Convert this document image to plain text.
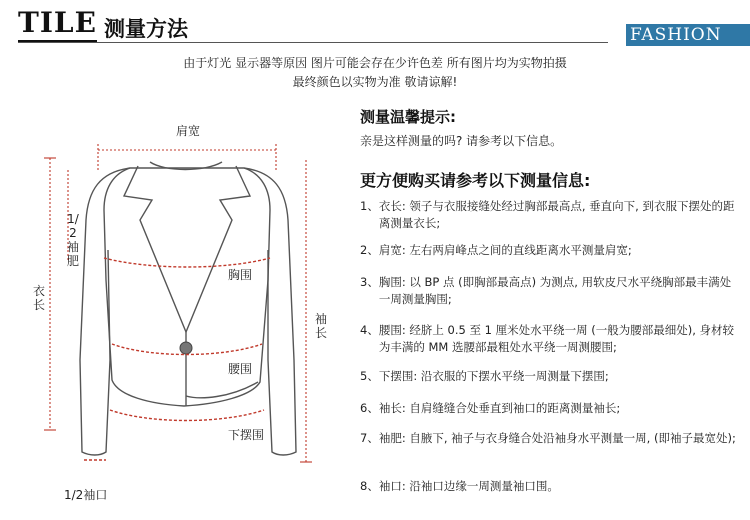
TILE 测量方法	FASHION
由于灯光 显示器等原因 图片可能会存在少许色差 所有图片均为实物拍摄
最终颜色以实物为准 敬请谅解!
肩宽
胸围
腰围
下摆围
1/2袖口
1/2袖肥
衣长
袖长
测量温馨提示:
亲是这样测量的吗? 请参考以下信息。
更方便购买请参考以下测量信息:
1、 衣长: 领子与衣服接缝处经过胸部最高点, 垂直向下, 到衣服下摆处的距离测量衣长;
2、 肩宽: 左右两肩峰点之间的直线距离水平测量肩宽;
3、 胸围: 以 BP 点 (即胸部最高点) 为测点, 用软皮尺水平绕胸部最丰满处一周测量胸围;
4、 腰围: 经脐上 0.5 至 1 厘米处水平绕一周 (一般为腰部最细处), 身材较为丰满的 MM 选腰部最粗处水平绕一周测腰围;
5、 下摆围: 沿衣服的下摆水平绕一周测量下摆围;
6、 袖长: 自肩缝缝合处垂直到袖口的距离测量袖长;
7、 袖肥: 自腋下, 袖子与衣身缝合处沿袖身水平测量一周, (即袖子最宽处);
8、 袖口: 沿袖口边缘一周测量袖口围。
